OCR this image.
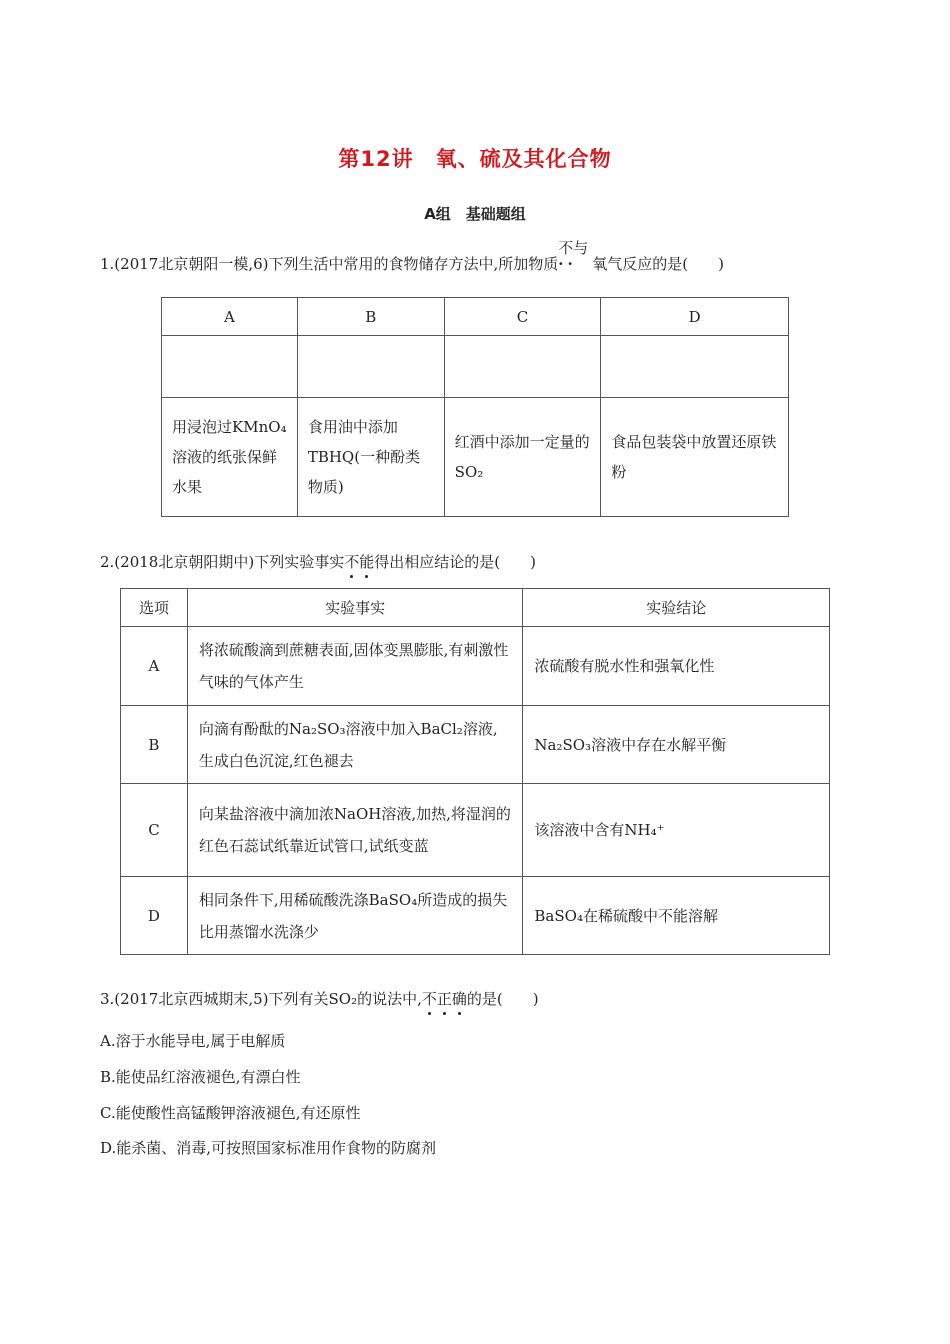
第12讲　氧、硫及其化合物
A组　基础题组
1.(2017北京朝阳一模,6)下列生活中常用的食物储存方法中,所加物质
不与
·· 氧气反应的是(　　)
A	B	C	D

用浸泡过KMnO₄溶液的纸张保鲜水果	食用油中添加TBHQ(一种酚类物质)	红酒中添加一定量的SO₂	食品包装袋中放置还原铁粉
2.(2018北京朝阳期中)下列实验事实不能得出相应结论的是(　　)
选项	实验事实	实验结论
A	将浓硫酸滴到蔗糖表面,固体变黑膨胀,有刺激性气味的气体产生	浓硫酸有脱水性和强氧化性
B	向滴有酚酞的Na₂SO₃溶液中加入BaCl₂溶液,生成白色沉淀,红色褪去	Na₂SO₃溶液中存在水解平衡
C	向某盐溶液中滴加浓NaOH溶液,加热,将湿润的红色石蕊试纸靠近试管口,试纸变蓝	该溶液中含有NH₄⁺
D	相同条件下,用稀硫酸洗涤BaSO₄所造成的损失比用蒸馏水洗涤少	BaSO₄在稀硫酸中不能溶解
3.(2017北京西城期末,5)下列有关SO₂的说法中,不正确的是(　　)
A.溶于水能导电,属于电解质
B.能使品红溶液褪色,有漂白性
C.能使酸性高锰酸钾溶液褪色,有还原性
D.能杀菌、消毒,可按照国家标准用作食物的防腐剂
